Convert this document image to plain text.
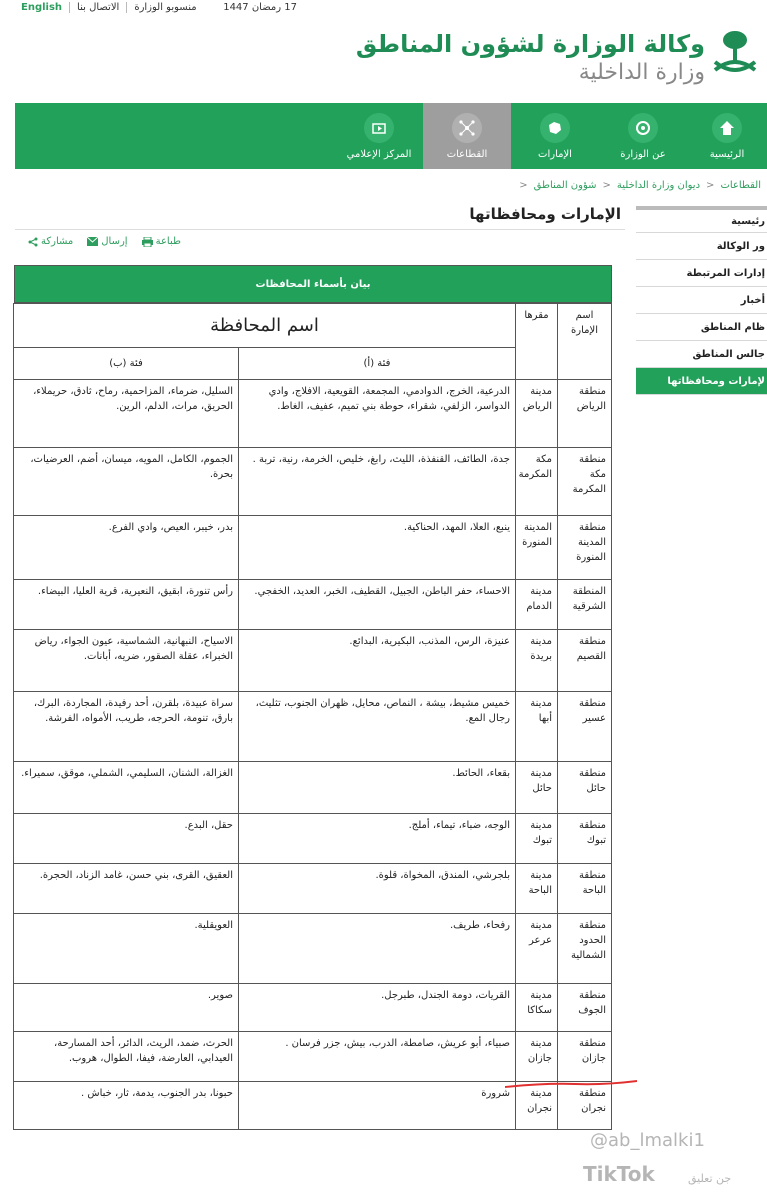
English	الاتصال بنا	منسوبو الوزارة	17 رمضان 1447
وكالة الوزارة لشؤون المناطق
وزارة الداخلية
الرئيسية
عن الوزارة
الإمارات
القطاعات
المركز الإعلامي
القطاعات
<
ديوان وزارة الداخلية
<
شؤون المناطق
<
الإمارات ومحافظاتها
مشاركة	إرسال	طباعة
رئيسية
ور الوكالة
إدارات المرتبطة
أخبار
ظام المناطق
جالس المناطق
لإمارات ومحافظاتها
بيان بأسماء المحافظات
اسم الإمارة	مقرها	اسم المحافظة	
		فئة (أ)	فئة (ب)
منطقة الرياض	مدينة الرياض	الدرعية، الخرج، الدوادمي، المجمعة، القويعية، الافلاج، وادي الدواسر، الزلفي، شقراء، حوطة بني تميم، عفيف، الغاط.	السليل، ضرماء، المزاحمية، رماح، ثادق، حريملاء، الحريق، مرات، الدلم، الرين.
منطقة مكة المكرمة	مكة المكرمة	جدة، الطائف، القنفذة، الليث، رابغ، خليص، الخرمة، رنية، تربة .	الجموم، الكامل، المويه، ميسان، أضم، العرضيات، بحرة.
منطقة المدينة المنورة	المدينة المنورة	ينبع، العلا، المهد، الحناكية.	بدر، خيبر، العيص، وادي الفرع.
المنطقة الشرقية	مدينة الدمام	الاحساء، حفر الباطن، الجبيل، القطيف، الخبر، العديد، الخفجي.	رأس تنورة، ابقيق، النعيرية، قرية العليا، البيضاء.
منطقة القصيم	مدينة بريدة	عنيزة، الرس، المذنب، البكيرية، البدائع.	الاسياح، النبهانية، الشماسية، عيون الجواء، رياض الخبراء، عقلة الصقور، ضريه، أبانات.
منطقة عسير	مدينة أبها	خميس مشيط، بيشة ، النماص، محايل، ظهران الجنوب، تثليث، رجال المع.	سراة عبيدة، بلقرن، أحد رفيدة، المجاردة، البرك، بارق، تنومة، الحرجه، طريب، الأمواه، الفرشة.
منطقة حائل	مدينة حائل	بقعاء، الحائط.	الغزالة، الشنان، السليمي، الشملي، موقق، سميراء.
منطقة تبوك	مدينة تبوك	الوجه، ضباء، تيماء، أملج.	حقل، البدع.
منطقة الباحة	مدينة الباحة	بلجرشي، المندق، المخواة، قلوة.	العقيق، القرى، بني حسن، غامد الزناد، الحجرة.
منطقة الحدود الشمالية	مدينة عرعر	رفحاء، طريف.	العويقلية.
منطقة الجوف	مدينة سكاكا	القريات، دومة الجندل، طبرجل.	صوير.
منطقة جازان	مدينة جازان	صبياء، أبو عريش، صامطة، الدرب، بيش، جزر فرسان .	الحرث، ضمد، الريث، الدائر، أحد المسارحة، العيدابي، العارضة، فيفا، الطوال، هروب.
منطقة نجران	مدينة نجران	شرورة	حبونا، بدر الجنوب، يدمة، ثار، خباش .
@ab_lmalki1
TikTok	جن تعليق
